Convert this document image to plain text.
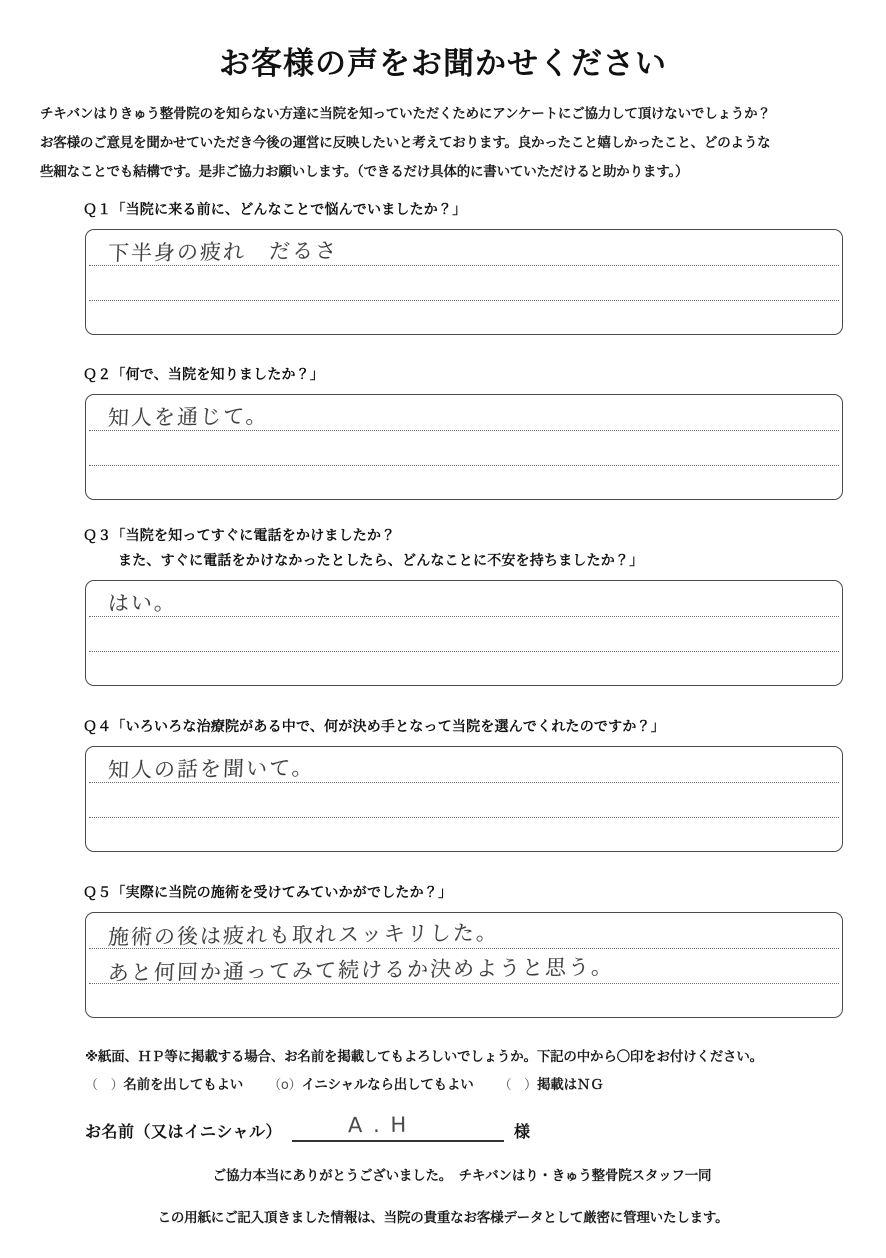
お客様の声をお聞かせください
チキバンはりきゅう整骨院のを知らない方達に当院を知っていただくためにアンケートにご協力して頂けないでしょうか？
お客様のご意見を聞かせていただき今後の運営に反映したいと考えております。良かったこと嬉しかったこと、どのような
些細なことでも結構です。是非ご協力お願いします。（できるだけ具体的に書いていただけると助かります。）
Ｑ１「当院に来る前に、どんなことで悩んでいましたか？」
下半身の疲れ　だるさ
Ｑ２「何で、当院を知りましたか？」
知人を通じて。
Ｑ３「当院を知ってすぐに電話をかけましたか？
また、すぐに電話をかけなかったとしたら、どんなことに不安を持ちましたか？」
はい。
Ｑ４「いろいろな治療院がある中で、何が決め手となって当院を選んでくれたのですか？」
知人の話を聞いて。
Ｑ５「実際に当院の施術を受けてみていかがでしたか？」
施術の後は疲れも取れスッキリした。
あと何回か通ってみて続けるか決めようと思う。
※紙面、ＨＰ等に掲載する場合、お名前を掲載してもよろしいでしょうか。下記の中から〇印をお付けください。
（　）名前を出してもよい （o）イニシャルなら出してもよい （　）掲載はＮＧ
お名前（又はイニシャル）	A . H	様
ご協力本当にありがとうございました。　チキバンはり・きゅう整骨院スタッフ一同
この用紙にご記入頂きました情報は、当院の貴重なお客様データとして厳密に管理いたします。
